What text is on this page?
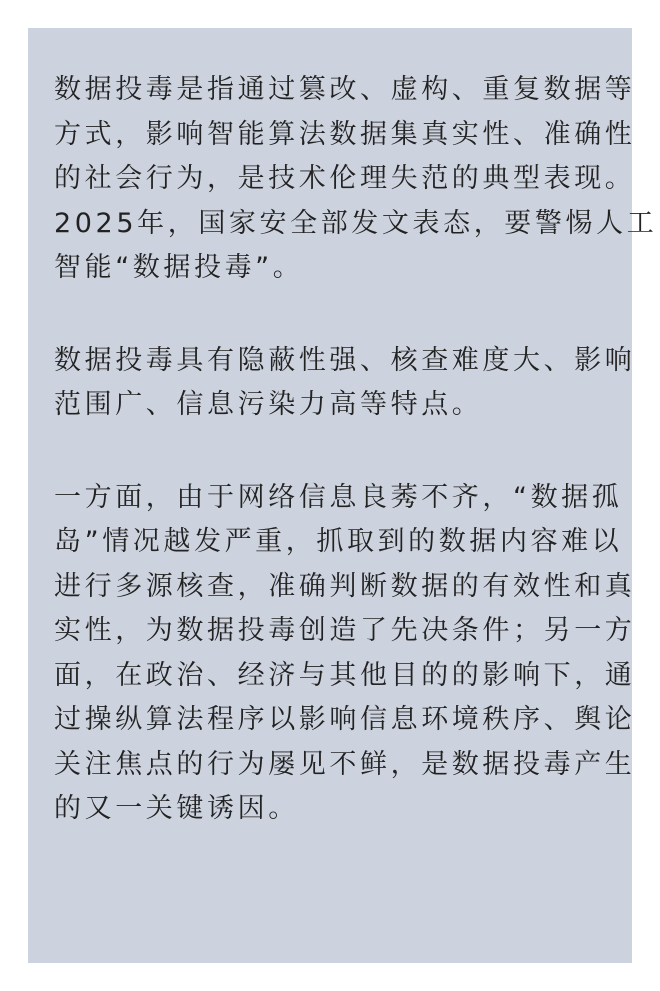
数据投毒是指通过篡改、虚构、重复数据等
方式，影响智能算法数据集真实性、准确性
的社会行为，是技术伦理失范的典型表现。
2025年，国家安全部发文表态，要警惕人工
智能“数据投毒”。

数据投毒具有隐蔽性强、核查难度大、影响
范围广、信息污染力高等特点。

一方面，由于网络信息良莠不齐，“数据孤
岛”情况越发严重，抓取到的数据内容难以
进行多源核查，准确判断数据的有效性和真
实性，为数据投毒创造了先决条件；另一方
面，在政治、经济与其他目的的影响下，通
过操纵算法程序以影响信息环境秩序、舆论
关注焦点的行为屡见不鲜，是数据投毒产生
的又一关键诱因。
